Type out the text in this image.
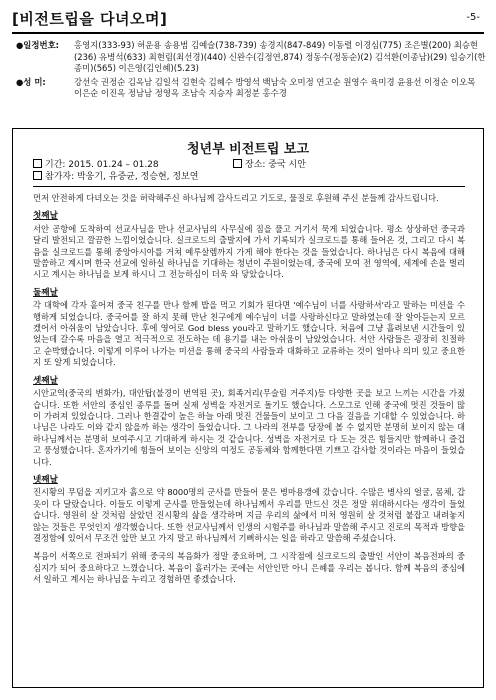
[비전트립을 다녀오며]	-5-
●일정번호: 홍영지(333-93) 허운용 송용범 김예슬(738-739) 송경지(847-849) 이동렬 이경심(775) 조은별(200) 최승현(236) 유병석(633) 최현림(최선경)(440) 신완수(김정연,874) 정동수(정동순)(2) 김석환(이종남)(29) 임승기(한종미)(565) 이은영(김인혜)(5.23)
●성 미:	강선숙 권정순 김옥남 김일석 김현숙 김혜수 방영석 백남숙 오미정 연고순 원영수 육미경 윤용선 이정순 이오목 이은순 이진옥 정남남 정영옥 조남숙 지승자 최정분 홍수경
청년부 비전트립 보고
기간: 2015. 01.24 – 01.28	장소: 중국 시안
참가자: 박웅기, 유중균, 정승현, 정보연

먼저 안전하게 다녀오는 것을 허락해주신 하나님께 감사드리고 기도로, 물질로 후원해 주신 분들께 감사드립니다.

첫째날

서안 공항에 도착하여 선교사님을 만나 선교사님의 사무실에 짐을 풀고 거기서 묵게 되었습니다. 평소 상상하던 중국과 달리 발전되고 깔끔한 느낌이었습니다. 실크로드의 출발지에 가서 기록되가 실크로드를 통해 들어온 것, 그리고 다시 복음을 실크로드를 통해 중앙아시아를 거쳐 예루살렘까지 가게 해야 한다는 것을 들었습니다. 하나님은 다시 복음에 대해 말씀하고 계시며 한국 선교에 일하실 하나님을 기대하는 청년이 주원이었는데, 중국에 모여 전 영역에, 세계에 손을 벌리시고 계시는 하나님을 보게 하시니 그 전능하심이 더욱 와 닿았습니다.

둘째날

각 대학에 각자 흩어져 중국 친구를 만나 함께 밥을 먹고 기회가 된다면 '예수님이 너를 사랑하셔'라고 말하는 미션을 수행하게 되었습니다. 중국어를 잘 하지 못해 만난 친구에게 예수님이 너를 사랑하신다고 말하였는데 잘 알아듣는지 모르겠어서 아쉬움이 남았습니다. 후에 영어로 God bless you라고 말하기도 했습니다. 처음에 그냥 흘려보낸 시간들이 있었는데 갈수록 마음을 열고 적극적으로 전도하는 데 용기를 내는 아쉬움이 남았었습니다. 서안 사람들은 굉장히 친절하고 순박했습니다. 이렇게 이루어 나가는 미션을 통해 중국의 사람들과 대화하고 교류하는 것이 얼마나 의미 있고 중요한지 또 알게 되었습니다.

셋째날

시안교역(중국의 변화가), 대안탑(불경이 번역된 곳), 회족거리(무슬림 거주지)등 다양한 곳을 보고 느끼는 시간을 가졌습니다. 또한 서안의 중심인 종루를 돌며 실제 성벽을 자전거로 돌기도 했습니다. 스모그로 인해 중국에 멋진 것들이 많이 가려져 있었습니다. 그러나 한결같이 높은 하늘 아래 멋진 건물들이 보이고 그 다음 걸음을 기대할 수 있었습니다. 하나님은 나라도 이와 같지 않을까 하는 생각이 들었습니다. 그 나라의 전부를 당장에 볼 수 없지만 분명히 보이지 않는 대 하나님께서는 분명히 보여주시고 기대하게 하시는 것 같습니다. 성벽을 자전거로 다 도는 것은 힘들지만 함께하니 즐겁고 풍성했습니다. 혼자가기에 힘들어 보이는 신앙의 여정도 공동체와 함께한다면 기쁘고 감사할 것이라는 마음이 들었습니다.

넷째날

진시황의 무덤을 지키고자 흙으로 약 8000명의 군사를 만들어 묻은 병마용갱에 갔습니다. 수많은 병사의 얼굴, 몸체, 갑옷이 다 달랐습니다. 이들도 이렇게 군사를 만들었는데 하나님께서 우리를 만드신 것은 정말 위대하시다는 생각이 들었습니다. 영원히 살 것처럼 살았던 진시황의 삶을 생각하며 지금 우리의 삶에서 미처 영원히 살 것처럼 붙잡고 내려놓지 않는 것들은 무엇인지 생각했습니다. 또한 선교사님께서 인생의 시험주를 하나님과 말씀해 주시고 진로의 목적과 방향을 결정함에 있어서 무조건 앞만 보고 가지 말고 하나님께서 기뻐하시는 일을 하라고 말씀해 주셨습니다.

복음이 서쪽으로 전파되기 위해 중국의 복음화가 정말 중요하며, 그 시작점에 실크로드의 출발인 서안이 복음전파의 중심지가 되어 중요하다고 느꼈습니다. 복음이 흘러가는 곳에는 서안인만 아니 은혜를 우리는 봅니다. 함께 복음의 중심에서 일하고 계시는 하나님을 누리고 경험하면 좋겠습니다.
